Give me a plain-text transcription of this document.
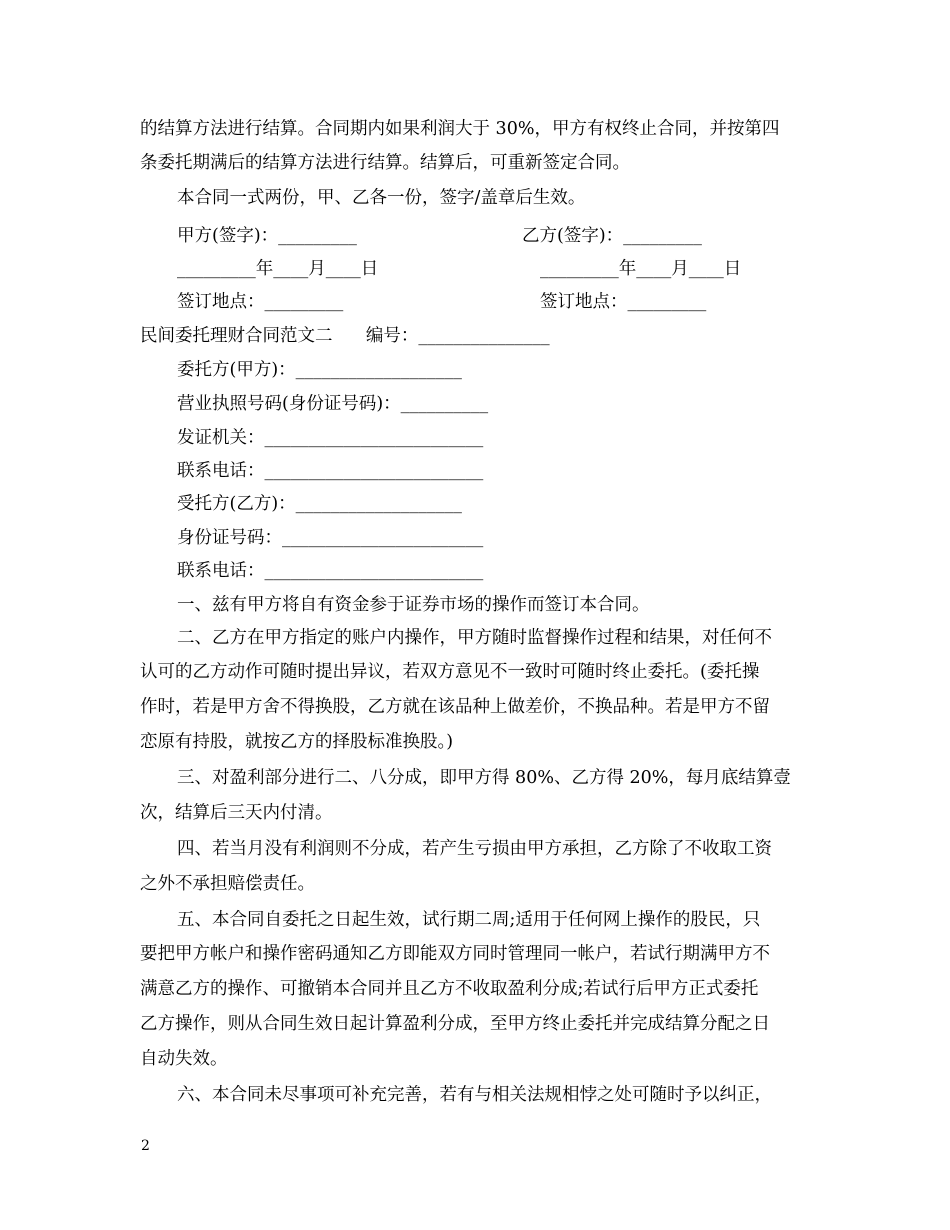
的结算方法进行结算。合同期内如果利润大于 30%，甲方有权终止合同，并按第四
条委托期满后的结算方法进行结算。结算后，可重新签定合同。
本合同一式两份，甲、乙各一份，签字/盖章后生效。
甲方(签字)：_________	乙方(签字)：_________
_________年____月____日	_________年____月____日
签订地点：_________	签订地点：_________
民间委托理财合同范文二      编号：_______________
委托方(甲方)：___________________
营业执照号码(身份证号码)：__________
发证机关：_________________________
联系电话：_________________________
受托方(乙方)：___________________
身份证号码：_______________________
联系电话：_________________________
一、兹有甲方将自有资金参于证券市场的操作而签订本合同。
二、乙方在甲方指定的账户内操作，甲方随时监督操作过程和结果，对任何不
认可的乙方动作可随时提出异议，若双方意见不一致时可随时终止委托。(委托操
作时，若是甲方舍不得换股，乙方就在该品种上做差价，不换品种。若是甲方不留
恋原有持股，就按乙方的择股标准换股。)
三、对盈利部分进行二、八分成，即甲方得 80%、乙方得 20%，每月底结算壹
次，结算后三天内付清。
四、若当月没有利润则不分成，若产生亏损由甲方承担，乙方除了不收取工资
之外不承担赔偿责任。
五、本合同自委托之日起生效，试行期二周;适用于任何网上操作的股民，只
要把甲方帐户和操作密码通知乙方即能双方同时管理同一帐户，若试行期满甲方不
满意乙方的操作、可撤销本合同并且乙方不收取盈利分成;若试行后甲方正式委托
乙方操作，则从合同生效日起计算盈利分成，至甲方终止委托并完成结算分配之日
自动失效。
六、本合同未尽事项可补充完善，若有与相关法规相悖之处可随时予以纠正，
2
